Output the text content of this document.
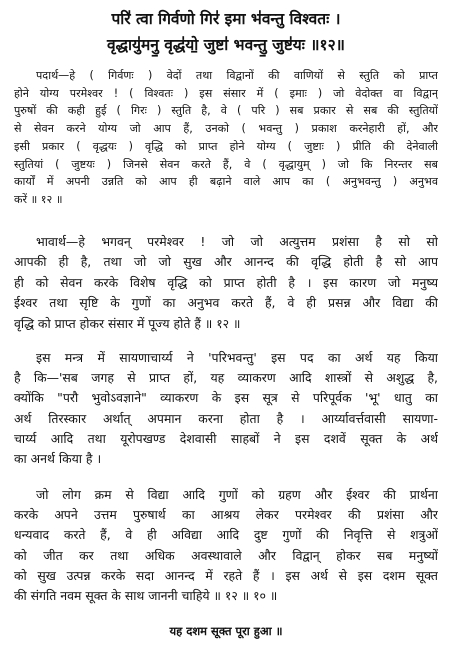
परि॑ त्वा गिर्वणो गिर॑ इमा भ॑वन्तु विश्वतः ।
वृद्धायु॑मनु॒ वृद्ध॑यो॒ जुष्टा॑ भवन्तु॒ जुष्ट॑यः ॥१२॥
पदार्थ—हे ( गिर्वणः ) वेदों तथा विद्वानों की वाणियों से स्तुति को प्राप्त
होने योग्य परमेश्वर ! ( विश्वतः ) इस संसार में ( इमाः ) जो वेदोक्त वा विद्वान्
पुरुषों की कही हुई ( गिरः ) स्तुति है, वे ( परि ) सब प्रकार से सब की स्तुतियों
से सेवन करने योग्य जो आप हैं, उनको ( भवन्तु ) प्रकाश करनेहारी हों, और
इसी प्रकार ( वृद्धयः ) वृद्धि को प्राप्त होने योग्य ( जुष्टाः ) प्रीति की देनेवाली
स्तुतियां ( जुष्टयः ) जिनसे सेवन करते हैं, वे ( वृद्धायुम् ) जो कि निरन्तर सब
कार्यों में अपनी उन्नति को आप ही बढ़ाने वाले आप का ( अनुभवन्तु ) अनुभव
करें ॥ १२ ॥
भावार्थ—हे भगवन् परमेश्वर ! जो जो अत्युत्तम प्रशंसा है सो सो
आपकी ही है, तथा जो जो सुख और आनन्द की वृद्धि होती है सो आप
ही को सेवन करके विशेष वृद्धि को प्राप्त होती है । इस कारण जो मनुष्य
ईश्वर तथा सृष्टि के गुणों का अनुभव करते हैं, वे ही प्रसन्न और विद्या की
वृद्धि को प्राप्त होकर संसार में पूज्य होते हैं ॥ १२ ॥
इस मन्त्र में सायणाचार्य्य ने 'परिभवन्तु' इस पद का अर्थ यह किया
है कि—'सब जगह से प्राप्त हों, यह व्याकरण आदि शास्त्रों से अशुद्ध है,
क्योंकि "परौ भुवोऽवज्ञाने" व्याकरण के इस सूत्र से परिपूर्वक 'भू' धातु का
अर्थ तिरस्कार अर्थात् अपमान करना होता है । आर्य्यावर्त्तवासी सायणा-
चार्य्य आदि तथा यूरोपखण्ड देशवासी साहबों ने इस दशवें सूक्त के अर्थ
का अनर्थ किया है ।
जो लोग क्रम से विद्या आदि गुणों को ग्रहण और ईश्वर की प्रार्थना
करके अपने उत्तम पुरुषार्थ का आश्रय लेकर परमेश्वर की प्रशंसा और
धन्यवाद करते हैं, वे ही अविद्या आदि दुष्ट गुणों की निवृत्ति से शत्रुओं
को जीत कर तथा अधिक अवस्थावाले और विद्वान् होकर सब मनुष्यों
को सुख उत्पन्न करके सदा आनन्द में रहते हैं । इस अर्थ से इस दशम सूक्त
की संगति नवम सूक्त के साथ जाननी चाहिये ॥ १२ ॥ १० ॥
यह दशम सूक्त पूरा हुआ ॥
